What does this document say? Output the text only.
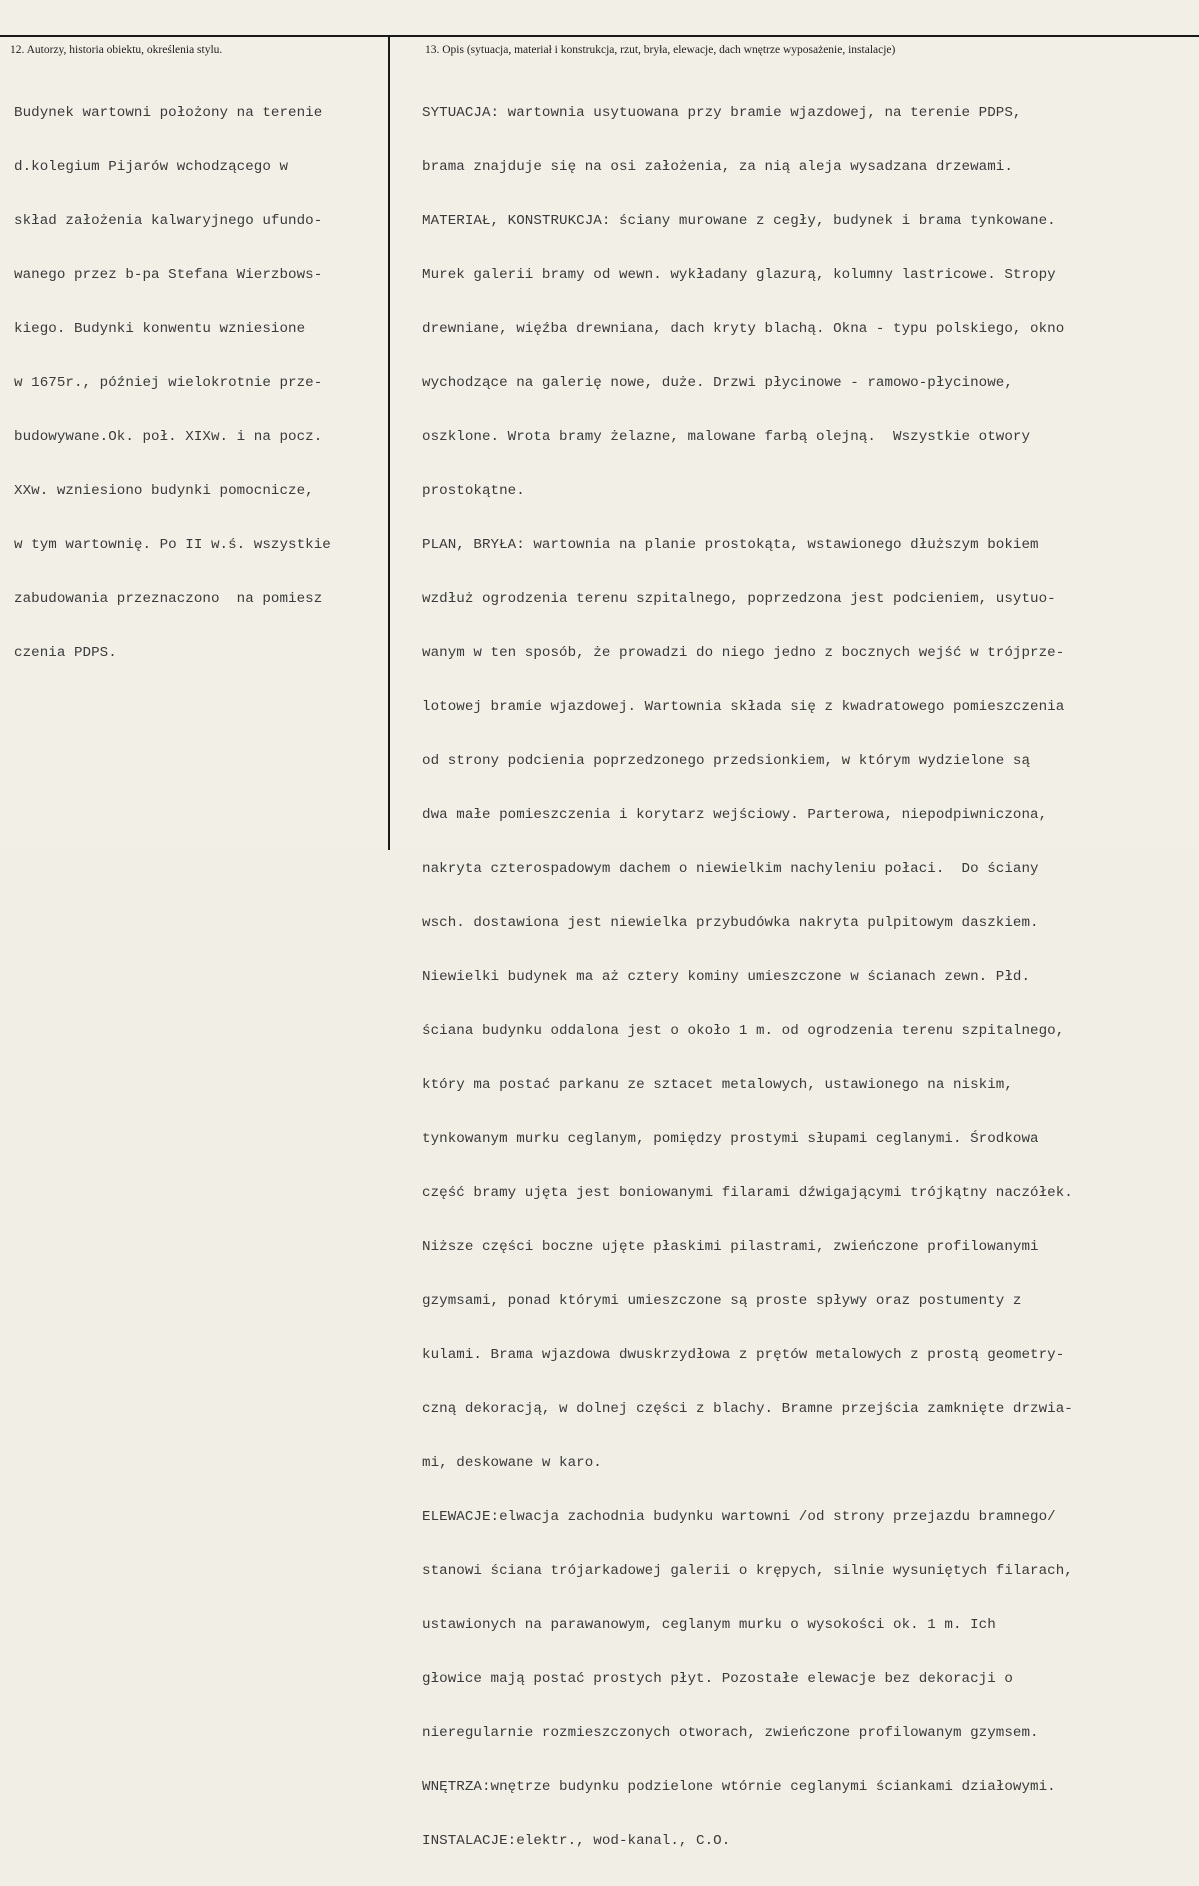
12. Autorzy, historia obiektu, określenia stylu.	13. Opis (sytuacja, materiał i konstrukcja, rzut, bryła, elewacje, dach wnętrze wyposażenie, instalacje)

Budynek wartowni położony na terenie

d.kolegium Pijarów wchodzącego w

skład założenia kalwaryjnego ufundo-

wanego przez b-pa Stefana Wierzbows-

kiego. Budynki konwentu wzniesione

w 1675r., później wielokrotnie prze-

budowywane.Ok. poł. XIXw. i na pocz.

XXw. wzniesiono budynki pomocnicze,

w tym wartownię. Po II w.ś. wszystkie

zabudowania przeznaczono  na pomiesz

czenia PDPS.

SYTUACJA: wartownia usytuowana przy bramie wjazdowej, na terenie PDPS,

brama znajduje się na osi założenia, za nią aleja wysadzana drzewami.

MATERIAŁ, KONSTRUKCJA: ściany murowane z cegły, budynek i brama tynkowane.

Murek galerii bramy od wewn. wykładany glazurą, kolumny lastricowe. Stropy

drewniane, więźba drewniana, dach kryty blachą. Okna - typu polskiego, okno

wychodzące na galerię nowe, duże. Drzwi płycinowe - ramowo-płycinowe,

oszklone. Wrota bramy żelazne, malowane farbą olejną.  Wszystkie otwory

prostokątne.

PLAN, BRYŁA: wartownia na planie prostokąta, wstawionego dłuższym bokiem

wzdłuż ogrodzenia terenu szpitalnego, poprzedzona jest podcieniem, usytuo-

wanym w ten sposób, że prowadzi do niego jedno z bocznych wejść w trójprze-

lotowej bramie wjazdowej. Wartownia składa się z kwadratowego pomieszczenia

od strony podcienia poprzedzonego przedsionkiem, w którym wydzielone są

dwa małe pomieszczenia i korytarz wejściowy. Parterowa, niepodpiwniczona,

nakryta czterospadowym dachem o niewielkim nachyleniu połaci.  Do ściany

wsch. dostawiona jest niewielka przybudówka nakryta pulpitowym daszkiem.

Niewielki budynek ma aż cztery kominy umieszczone w ścianach zewn. Płd.

ściana budynku oddalona jest o około 1 m. od ogrodzenia terenu szpitalnego,

który ma postać parkanu ze sztacet metalowych, ustawionego na niskim,

tynkowanym murku ceglanym, pomiędzy prostymi słupami ceglanymi. Środkowa

część bramy ujęta jest boniowanymi filarami dźwigającymi trójkątny naczółek.

Niższe części boczne ujęte płaskimi pilastrami, zwieńczone profilowanymi

gzymsami, ponad którymi umieszczone są proste spływy oraz postumenty z

kulami. Brama wjazdowa dwuskrzydłowa z prętów metalowych z prostą geometry-

czną dekoracją, w dolnej części z blachy. Bramne przejścia zamknięte drzwia-

mi, deskowane w karo.

ELEWACJE:elwacja zachodnia budynku wartowni /od strony przejazdu bramnego/

stanowi ściana trójarkadowej galerii o krępych, silnie wysuniętych filarach,

ustawionych na parawanowym, ceglanym murku o wysokości ok. 1 m. Ich

głowice mają postać prostych płyt. Pozostałe elewacje bez dekoracji o

nieregularnie rozmieszczonych otworach, zwieńczone profilowanym gzymsem.

WNĘTRZA:wnętrze budynku podzielone wtórnie ceglanymi ściankami działowymi.

INSTALACJE:elektr., wod-kanal., C.O.
